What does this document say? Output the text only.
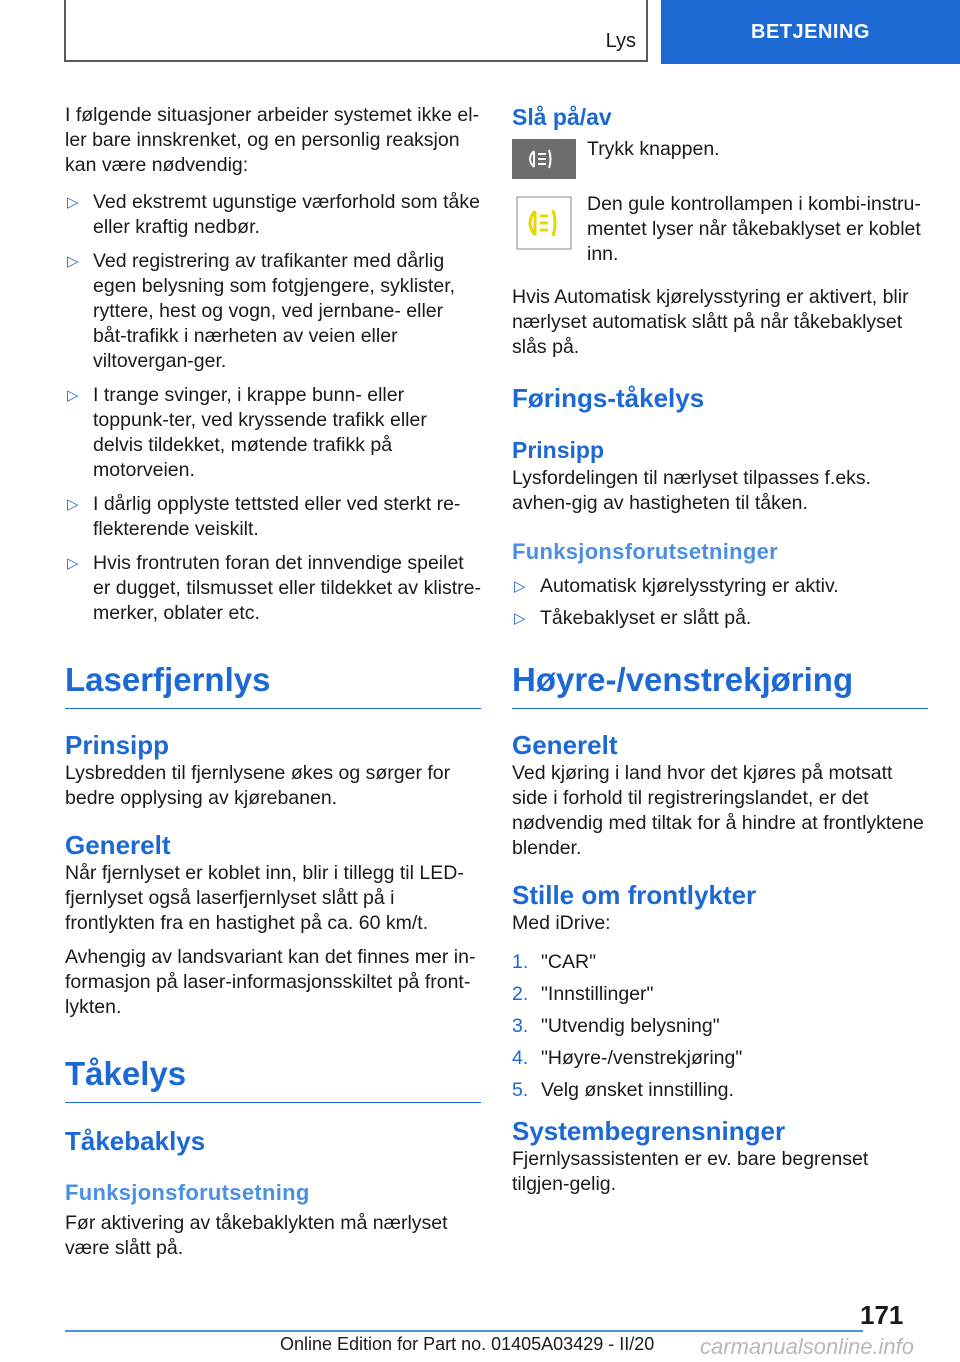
Lys	BETJENING

I følgende situasjoner arbeider systemet ikke el-ler bare innskrenket, og en personlig reaksjon kan være nødvendig:

▷ Ved ekstremt ugunstige værforhold som tåke eller kraftig nedbør.
▷ Ved registrering av trafikanter med dårlig egen belysning som fotgjengere, syklister, ryttere, hest og vogn, ved jernbane- eller båt-trafikk i nærheten av veien eller viltovergan-ger.
▷ I trange svinger, i krappe bunn- eller toppunk-ter, ved kryssende trafikk eller delvis tildekket, møtende trafikk på motorveien.
▷ I dårlig opplyste tettsted eller ved sterkt re-flekterende veiskilt.
▷ Hvis frontruten foran det innvendige speilet er dugget, tilsmusset eller tildekket av klistre-merker, oblater etc.
Laserfjernlys
Prinsipp

Lysbredden til fjernlysene økes og sørger for bedre opplysing av kjørebanen.

Generelt

Når fjernlyset er koblet inn, blir i tillegg til LED-fjernlyset også laserfjernlyset slått på i frontlykten fra en hastighet på ca. 60 km/t.

Avhengig av landsvariant kan det finnes mer in-formasjon på laser-informasjonsskiltet på front-lykten.

Tåkelys
Tåkebaklys
Funksjonsforutsetning

Før aktivering av tåkebaklykten må nærlyset være slått på.

Slå på/av

Trykk knappen.

Den gule kontrollampen i kombi-instru-mentet lyser når tåkebaklyset er koblet inn.

Hvis Automatisk kjørelysstyring er aktivert, blir nærlyset automatisk slått på når tåkebaklyset slås på.

Førings-tåkelys
Prinsipp

Lysfordelingen til nærlyset tilpasses f.eks. avhen-gig av hastigheten til tåken.

Funksjonsforutsetninger
▷ Automatisk kjørelysstyring er aktiv.
▷ Tåkebaklyset er slått på.
Høyre-/venstrekjøring
Generelt

Ved kjøring i land hvor det kjøres på motsatt side i forhold til registreringslandet, er det nødvendig med tiltak for å hindre at frontlyktene blender.

Stille om frontlykter

Med iDrive:

1. "CAR"
2. "Innstillinger"
3. "Utvendig belysning"
4. "Høyre-/venstrekjøring"
5. Velg ønsket innstilling.
Systembegrensninger

Fjernlysassistenten er ev. bare begrenset tilgjen-gelig.

171
Online Edition for Part no. 01405A03429 - II/20 carmanualsonline.info
